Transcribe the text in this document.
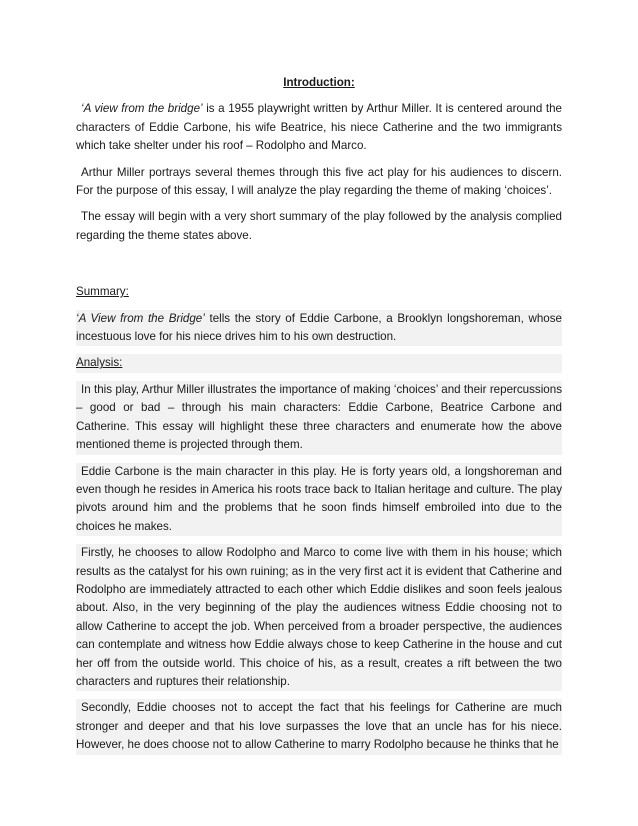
Introduction:

‘A view from the bridge’ is a 1955 playwright written by Arthur Miller. It is centered around the characters of Eddie Carbone, his wife Beatrice, his niece Catherine and the two immigrants which take shelter under his roof – Rodolpho and Marco.

Arthur Miller portrays several themes through this five act play for his audiences to discern. For the purpose of this essay, I will analyze the play regarding the theme of making ‘choices’.

The essay will begin with a very short summary of the play followed by the analysis complied regarding the theme states above.

Summary:

‘A View from the Bridge’ tells the story of Eddie Carbone, a Brooklyn longshoreman, whose incestuous love for his niece drives him to his own destruction.

Analysis:

In this play, Arthur Miller illustrates the importance of making ‘choices’ and their repercussions – good or bad – through his main characters: Eddie Carbone, Beatrice Carbone and Catherine. This essay will highlight these three characters and enumerate how the above mentioned theme is projected through them.

Eddie Carbone is the main character in this play. He is forty years old, a longshoreman and even though he resides in America his roots trace back to Italian heritage and culture. The play pivots around him and the problems that he soon finds himself embroiled into due to the choices he makes.

Firstly, he chooses to allow Rodolpho and Marco to come live with them in his house; which results as the catalyst for his own ruining; as in the very first act it is evident that Catherine and Rodolpho are immediately attracted to each other which Eddie dislikes and soon feels jealous about. Also, in the very beginning of the play the audiences witness Eddie choosing not to allow Catherine to accept the job. When perceived from a broader perspective, the audiences can contemplate and witness how Eddie always chose to keep Catherine in the house and cut her off from the outside world. This choice of his, as a result, creates a rift between the two characters and ruptures their relationship.

Secondly, Eddie chooses not to accept the fact that his feelings for Catherine are much stronger and deeper and that his love surpasses the love that an uncle has for his niece. However, he does choose not to allow Catherine to marry Rodolpho because he thinks that he
